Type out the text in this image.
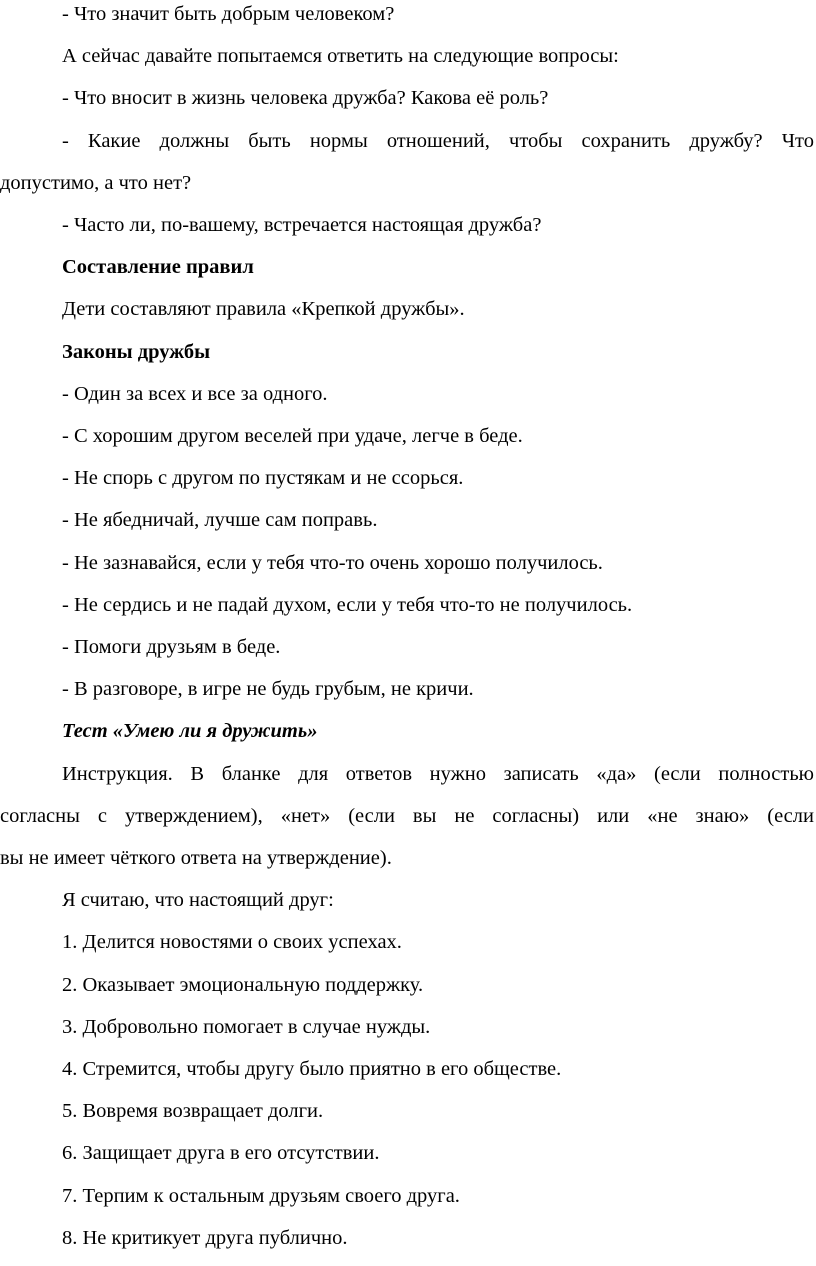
- Что значит быть добрым человеком?
А сейчас давайте попытаемся ответить на следующие вопросы:
- Что вносит в жизнь человека дружба? Какова её роль?
- Какие должны быть нормы отношений, чтобы сохранить дружбу? Что
допустимо, а что нет?
- Часто ли, по-вашему, встречается настоящая дружба?
Составление правил
Дети составляют правила «Крепкой дружбы».
Законы дружбы
- Один за всех и все за одного.
- С хорошим другом веселей при удаче, легче в беде.
- Не спорь с другом по пустякам и не ссорься.
- Не ябедничай, лучше сам поправь.
- Не зазнавайся, если у тебя что-то очень хорошо получилось.
- Не сердись и не падай духом, если у тебя что-то не получилось.
- Помоги друзьям в беде.
- В разговоре, в игре не будь грубым, не кричи.
Тест «Умею ли я дружить»
Инструкция. В бланке для ответов нужно записать «да» (если полностью
согласны с утверждением), «нет» (если вы не согласны) или «не знаю» (если
вы не имеет чёткого ответа на утверждение).
Я считаю, что настоящий друг:
1. Делится новостями о своих успехах.
2. Оказывает эмоциональную поддержку.
3. Добровольно помогает в случае нужды.
4. Стремится, чтобы другу было приятно в его обществе.
5. Вовремя возвращает долги.
6. Защищает друга в его отсутствии.
7. Терпим к остальным друзьям своего друга.
8. Не критикует друга публично.
